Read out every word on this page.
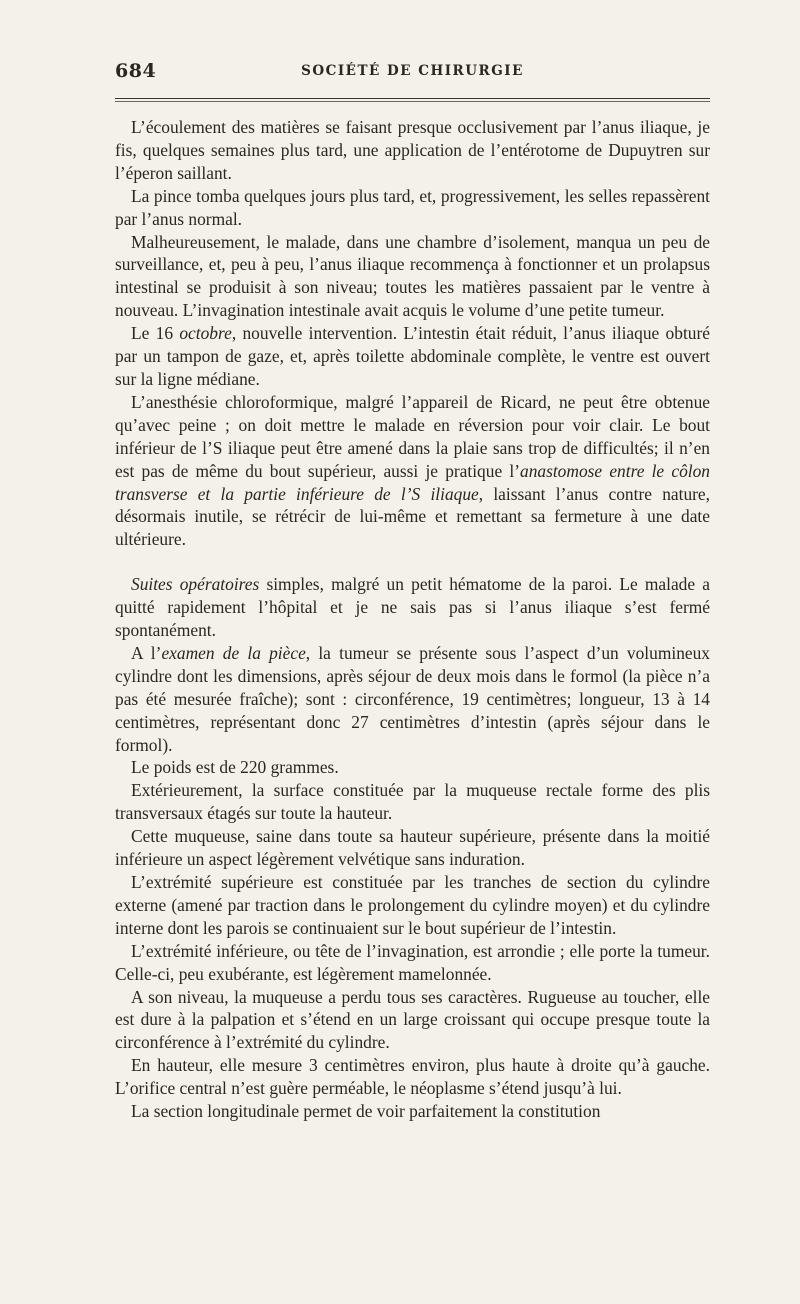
684	SOCIÉTÉ DE CHIRURGIE

L’écoulement des matières se faisant presque occlusivement par l’anus iliaque, je fis, quelques semaines plus tard, une application de l’entérotome de Dupuytren sur l’éperon saillant.

La pince tomba quelques jours plus tard, et, progressivement, les selles repassèrent par l’anus normal.

Malheureusement, le malade, dans une chambre d’isolement, manqua un peu de surveillance, et, peu à peu, l’anus iliaque recommença à fonctionner et un prolapsus intestinal se produisit à son niveau; toutes les matières passaient par le ventre à nouveau. L’invagination intestinale avait acquis le volume d’une petite tumeur.

Le 16 octobre, nouvelle intervention. L’intestin était réduit, l’anus iliaque obturé par un tampon de gaze, et, après toilette abdominale complète, le ventre est ouvert sur la ligne médiane.

L’anesthésie chloroformique, malgré l’appareil de Ricard, ne peut être obtenue qu’avec peine ; on doit mettre le malade en réversion pour voir clair. Le bout inférieur de l’S iliaque peut être amené dans la plaie sans trop de difficultés; il n’en est pas de même du bout supérieur, aussi je pratique l’anastomose entre le côlon transverse et la partie inférieure de l’S iliaque, laissant l’anus contre nature, désormais inutile, se rétrécir de lui-même et remettant sa fermeture à une date ultérieure.

Suites opératoires simples, malgré un petit hématome de la paroi. Le malade a quitté rapidement l’hôpital et je ne sais pas si l’anus iliaque s’est fermé spontanément.

A l’examen de la pièce, la tumeur se présente sous l’aspect d’un volumineux cylindre dont les dimensions, après séjour de deux mois dans le formol (la pièce n’a pas été mesurée fraîche); sont : circonférence, 19 centimètres; longueur, 13 à 14 centimètres, représentant donc 27 centimètres d’intestin (après séjour dans le formol).

Le poids est de 220 grammes.

Extérieurement, la surface constituée par la muqueuse rectale forme des plis transversaux étagés sur toute la hauteur.

Cette muqueuse, saine dans toute sa hauteur supérieure, présente dans la moitié inférieure un aspect légèrement velvétique sans induration.

L’extrémité supérieure est constituée par les tranches de section du cylindre externe (amené par traction dans le prolongement du cylindre moyen) et du cylindre interne dont les parois se continuaient sur le bout supérieur de l’intestin.

L’extrémité inférieure, ou tête de l’invagination, est arrondie ; elle porte la tumeur. Celle-ci, peu exubérante, est légèrement mamelonnée.

A son niveau, la muqueuse a perdu tous ses caractères. Rugueuse au toucher, elle est dure à la palpation et s’étend en un large croissant qui occupe presque toute la circonférence à l’extrémité du cylindre.

En hauteur, elle mesure 3 centimètres environ, plus haute à droite qu’à gauche. L’orifice central n’est guère perméable, le néoplasme s’étend jusqu’à lui.

La section longitudinale permet de voir parfaitement la constitution
